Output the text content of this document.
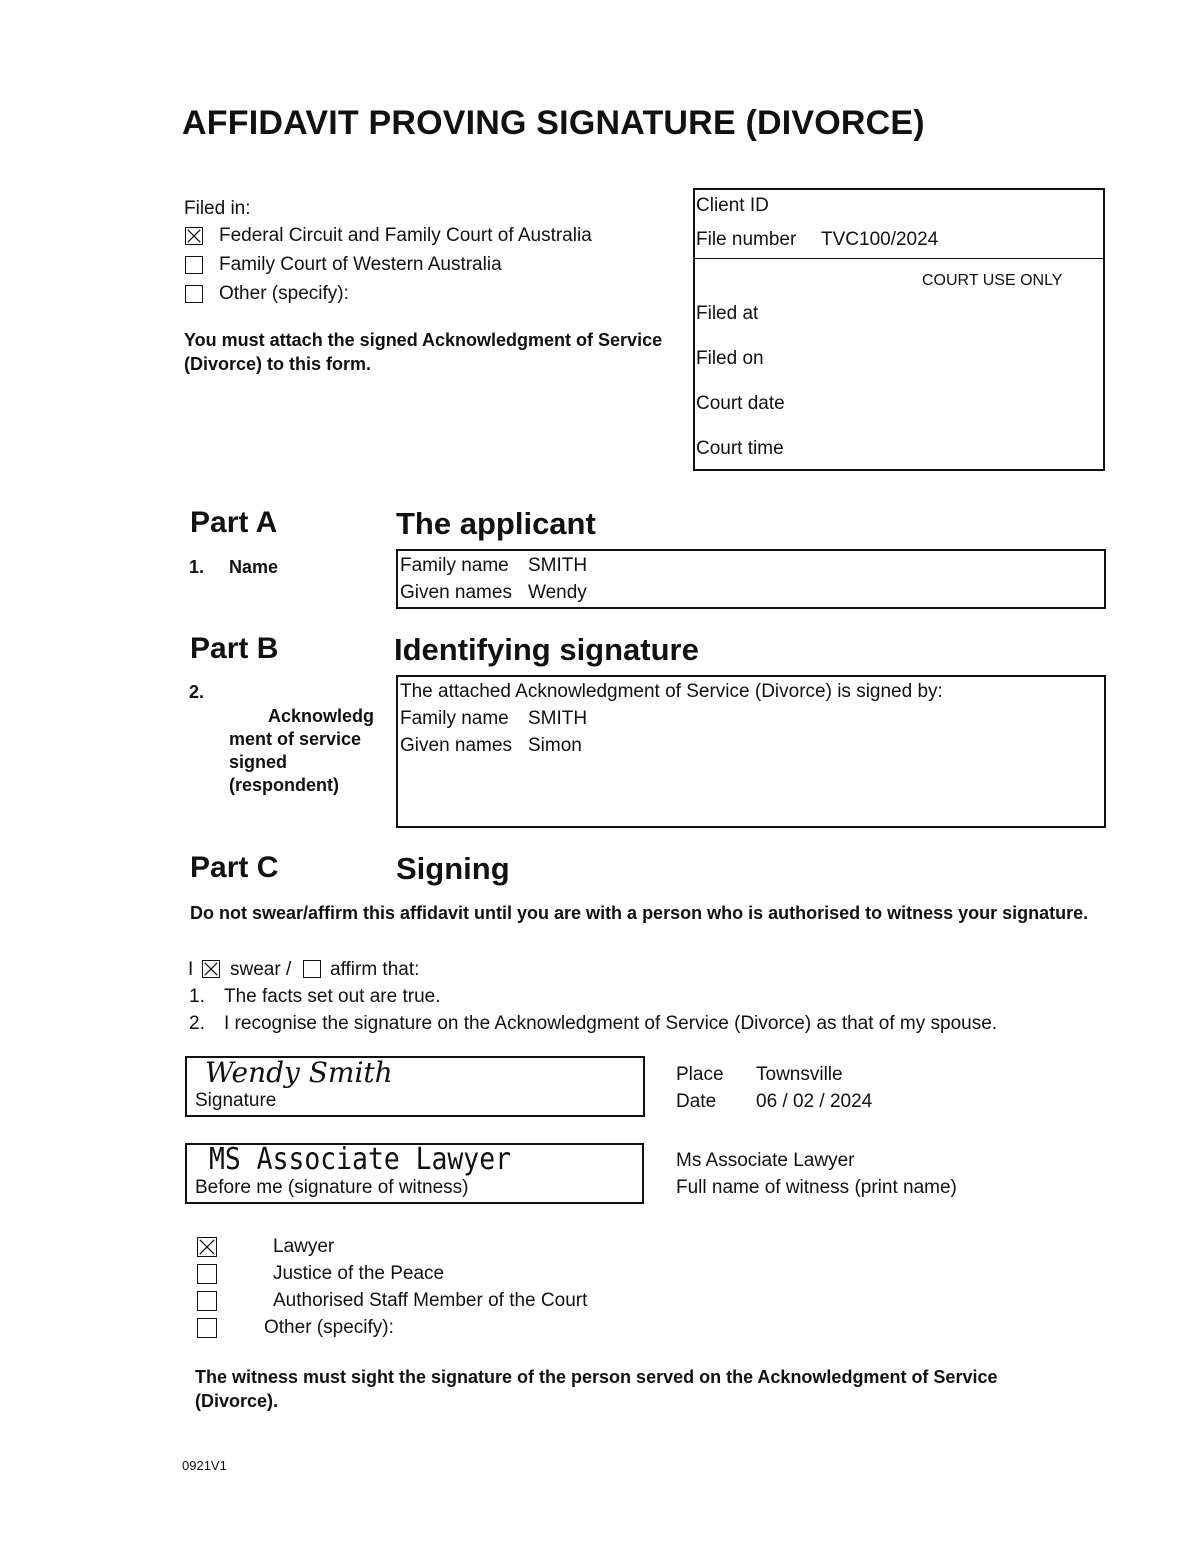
AFFIDAVIT PROVING SIGNATURE (DIVORCE)
Filed in:
Federal Circuit and Family Court of Australia
Family Court of Western Australia
Other (specify):
You must attach the signed Acknowledgment of Service (Divorce) to this form.
Client ID
File number TVC100/2024
COURT USE ONLY
Filed at
Filed on
Court date
Court time
Part A	The applicant
1. Name	Family name SMITH
Given names Wendy
Part B	Identifying signature
2.
Acknowledg
ment of service
signed
(respondent)
The attached Acknowledgment of Service (Divorce) is signed by:
Family name SMITH
Given names Simon
Part C	Signing
Do not swear/affirm this affidavit until you are with a person who is authorised to witness your signature.
I swear / affirm that:
1. The facts set out are true.
2. I recognise the signature on the Acknowledgment of Service (Divorce) as that of my spouse.
Wendy Smith
Signature
Place Townsville
Date 06 / 02 / 2024
MS Associate Lawyer
Before me (signature of witness)
Ms Associate Lawyer
Full name of witness (print name)
Lawyer
Justice of the Peace
Authorised Staff Member of the Court
Other (specify):
The witness must sight the signature of the person served on the Acknowledgment of Service (Divorce).
0921V1
